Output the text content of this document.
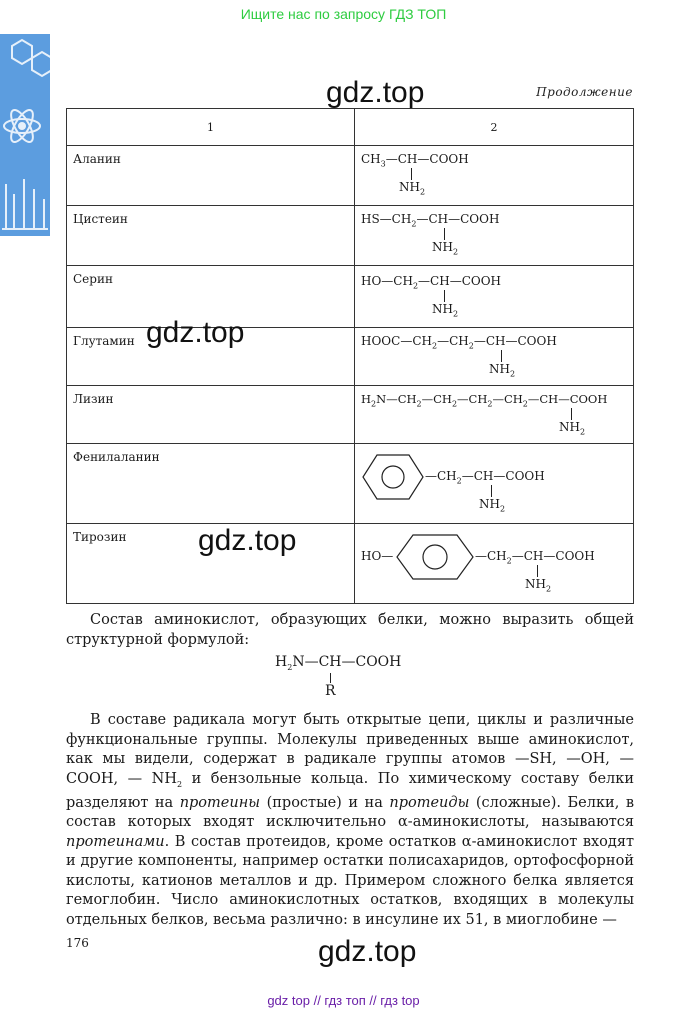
Ищите нас по запросу ГДЗ ТОП
Продолжение
gdz.top
1	2
Аланин	$CH_3—CH—COOH$
$NH_2$

Цистеин	$HS—CH_2—CH—COOH$
$NH_2$

Серин	$HO—CH_2—CH—COOH$
$NH_2$

Глутамин	$HOOC—CH_2—CH_2—CH—COOH$
$NH_2$

Лизин	$H_2N—CH_2—CH_2—CH_2—CH_2—CH—COOH$
$NH_2$

Фенилаланин	$—CH_2—CH—COOH$
$NH_2$

Тирозин	HO— $—CH_2—CH—COOH$
$NH_2$
gdz.top
gdz.top
Состав аминокислот, образующих белки, можно выразить общей структурной формулой:
$H_2N—CH—COOH$
R
В составе радикала могут быть открытые цепи, циклы и различные функциональные группы. Молекулы приведенных выше аминокислот, как мы видели, содержат в радикале группы атомов —SH, —OH, —COOH, — $NH_2$ и бензольные кольца. По химическому составу белки разделяют на протеины (простые) и на протеиды (сложные). Белки, в состав которых входят исключительно α-аминокислоты, называются протеинами. В состав протеидов, кроме остатков α-аминокислот входят и другие компоненты, например остатки полисахаридов, ортофосфорной кислоты, катионов металлов и др. Примером сложного белка является гемоглобин. Число аминокислотных остатков, входящих в молекулы отдельных белков, весьма различно: в инсулине их 51, в миоглобине —
176	gdz.top
gdz top // гдз топ // гдз top
